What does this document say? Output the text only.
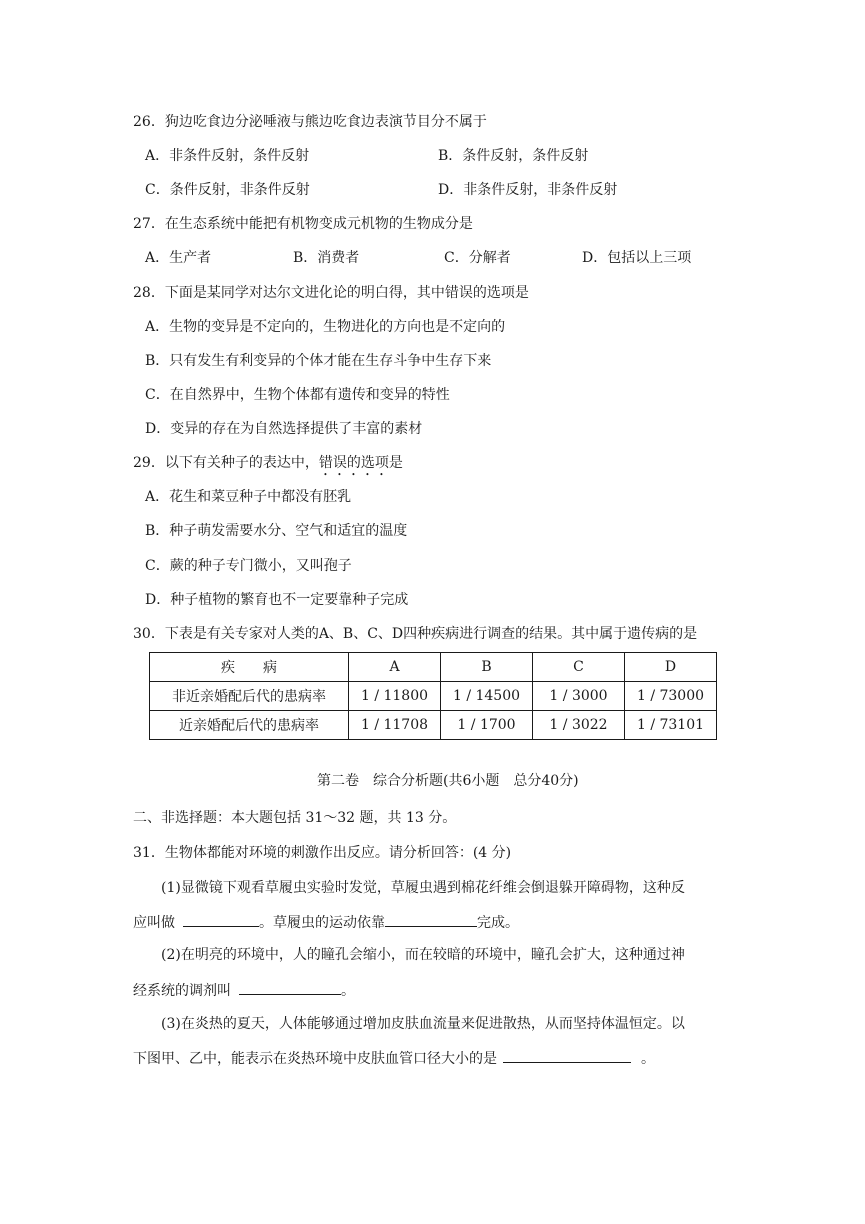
26．狗边吃食边分泌唾液与熊边吃食边表演节目分不属于
A．非条件反射，条件反射	B．条件反射，条件反射
C．条件反射，非条件反射	D．非条件反射，非条件反射
27．在生态系统中能把有机物变成元机物的生物成分是
A．生产者	B．消费者	C．分解者	D．包括以上三项
28．下面是某同学对达尔文进化论的明白得，其中错误的选项是
A．生物的变异是不定向的，生物进化的方向也是不定向的
B．只有发生有利变异的个体才能在生存斗争中生存下来
C．在自然界中，生物个体都有遗传和变异的特性
D．变异的存在为自然选择提供了丰富的素材
29．以下有关种子的表达中，错误的选项是
A．花生和菜豆种子中都没有胚乳
B．种子萌发需要水分、空气和适宜的温度
C．蕨的种子专门微小，又叫孢子
D．种子植物的繁育也不一定要靠种子完成
30．下表是有关专家对人类的A、B、C、D四种疾病进行调查的结果。其中属于遗传病的是
疾　　病	A	B	C	D
非近亲婚配后代的患病率	1 / 11800	1 / 14500	1 / 3000	1 / 73000
近亲婚配后代的患病率	1 / 11708	1 / 1700	1 / 3022	1 / 73101
第二卷　综合分析题(共6小题　总分40分)
二、非选择题：本大题包括 31～32 题，共 13 分。
31．生物体都能对环境的刺激作出反应。请分析回答：(4 分)
(1)显微镜下观看草履虫实验时发觉，草履虫遇到棉花纤维会倒退躲开障碍物，这种反
应叫做	。草履虫的运动依靠	完成。
(2)在明亮的环境中，人的瞳孔会缩小，而在较暗的环境中，瞳孔会扩大，这种通过神
经系统的调剂叫	。
(3)在炎热的夏天，人体能够通过增加皮肤血流量来促进散热，从而坚持体温恒定。以
下图甲、乙中，能表示在炎热环境中皮肤血管口径大小的是	。
